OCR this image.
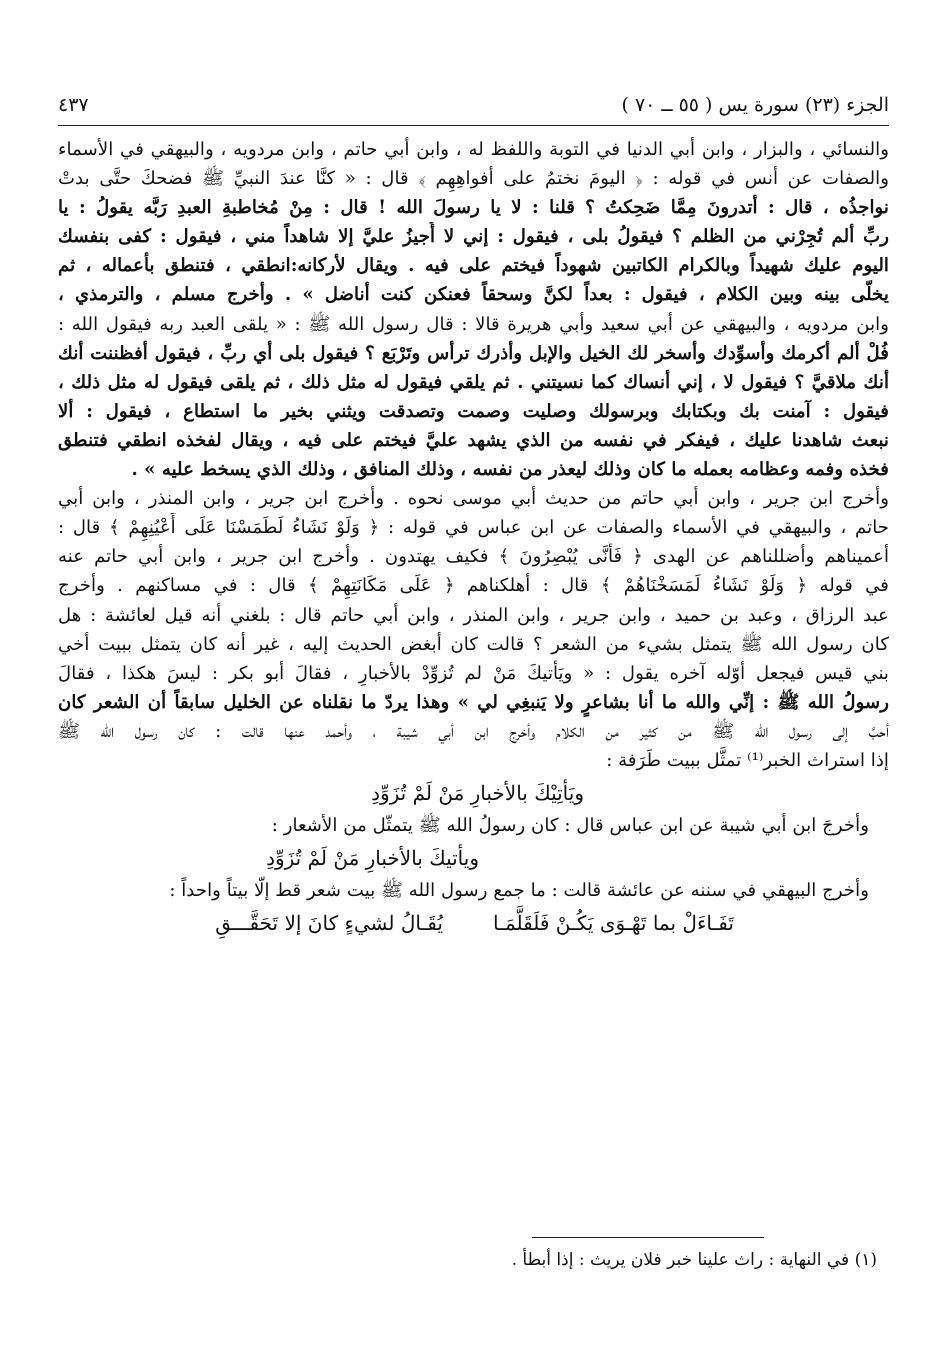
الجزء (٢٣) سورة يس ( ٥٥ ــ ٧٠ )
٤٣٧
والنسائي ، والبزار ، وابن أبي الدنيا في التوبة واللفظ له ، وابن أبي حاتم ، وابن مردويه ، والبيهقي في الأسماء
والصفات عن أنس في قوله : ﴿ اليومَ نختمُ على أفواهِهِم ﴾ قال : « كنَّا عندَ النبيِّ ﷺ فضحكَ حتَّى بدتْ
نواجذُه ، قال : أتدرونَ مِمَّا ضَحِكتُ ؟ قلنا : لا يا رسولَ الله ! قال : مِنْ مُخاطبةِ العبدِ رَبَّه يقولُ : يا
ربِّ ألم تُجِرْني من الظلم ؟ فيقولُ بلى ، فيقول : إني لا أُجيزُ عليَّ إلا شاهداً مني ، فيقول : كفى بنفسك
اليوم عليك شهيداً وبالكرام الكاتبين شهوداً فيختم على فيه . ويقال لأركانه:انطقي ، فتنطق بأعماله ، ثم
يخلَّى بينه وبين الكلام ، فيقول : بعداً لكنَّ وسحقاً فعنكن كنت أناضل » . وأخرج مسلم ، والترمذي ،
وابن مردويه ، والبيهقي عن أبي سعيد وأبي هريرة قالا : قال رسول الله ﷺ : « يلقى العبد ربه فيقول الله :
فُلْ ألم أكرمك وأسوِّدك وأسخر لك الخيل والإبل وأذرك ترأس وتَرْبَع ؟ فيقول بلى أي ربِّ ، فيقول أفظننت أنك
أنك ملاقيَّ ؟ فيقول لا ، إني أنساك كما نسيتني . ثم يلقي فيقول له مثل ذلك ، ثم يلقى فيقول له مثل ذلك ،
فيقول : آمنت بك وبكتابك وبرسولك وصليت وصمت وتصدقت ويثني بخير ما استطاع ، فيقول : ألا
نبعث شاهدنا عليك ، فيفكر في نفسه من الذي يشهد عليَّ فيختم على فيه ، ويقال لفخذه انطقي فتنطق
فخذه وفمه وعظامه بعمله ما كان وذلك ليعذر من نفسه ، وذلك المنافق ، وذلك الذي يسخط عليه » .
وأخرج ابن جرير ، وابن أبي حاتم من حديث أبي موسى نحوه . وأخرج ابن جرير ، وابن المنذر ، وابن أبي
حاتم ، والبيهقي في الأسماء والصفات عن ابن عباس في قوله : ﴿ وَلَوْ نَشَاءُ لَطَمَسْنَا عَلَى أَعْيُنِهِمْ ﴾ قال :
أعميناهم وأضللناهم عن الهدى ﴿ فَأَنَّى يُبْصِرُونَ ﴾ فكيف يهتدون . وأخرج ابن جرير ، وابن أبي حاتم عنه
في قوله ﴿ وَلَوْ نَشَاءُ لَمَسَخْنَاهُمْ ﴾ قال : أهلكناهم ﴿ عَلَى مَكَانَتِهِمْ ﴾ قال : في مساكنهم . وأخرج
عبد الرزاق ، وعبد بن حميد ، وابن جرير ، وابن المنذر ، وابن أبي حاتم قال : بلغني أنه قيل لعائشة : هل
كان رسول الله ﷺ يتمثل بشيء من الشعر ؟ قالت كان أبغض الحديث إليه ، غير أنه كان يتمثل ببيت أخي
بني قيس فيجعل أوّله آخره يقول : « ويَأتيكَ مَنْ لم تُزوِّدْ بالأخبارِ ، فقالَ أبو بكر : ليسَ هكذا ، فقالَ
رسولُ الله ﷺ : إنِّي والله ما أنا بشاعرٍ ولا يَنبغِي لي » وهذا يردّ ما نقلناه عن الخليل سابقاً أن الشعر كان
أحبَّ إلى رسول الله ﷺ من كثير من الكلام وأخرج ابن أبي شيبة ، وأحمد عنها قالت : كان رسول الله ﷺ
إذا استراث الخبر⁽¹⁾ تمثَّل ببيت طَرَفة :
ويَأتِيْكَ بالأخبارِ مَنْ لَمْ تُزَوِّدِ
وأخرجَ ابن أبي شيبة عن ابن عباس قال : كان رسولُ الله ﷺ يتمثّل من الأشعار :
ويأتيكَ بالأخبارِ مَنْ لَمْ تُزَوِّدِ
وأخرج البيهقي في سننه عن عائشة قالت : ما جمع رسول الله ﷺ بيت شعر قط إلَّا بيتاً واحداً :
تَفَـاءَلْ بما تَهْـوَى يَكُـنْ فَلَقَلَّمَـا
يُقَـالُ لشيءٍ كانَ إلا تَحَقَّـــقِ
(١) في النهاية : راث علينا خبر فلان يريث : إذا أبطأ .
